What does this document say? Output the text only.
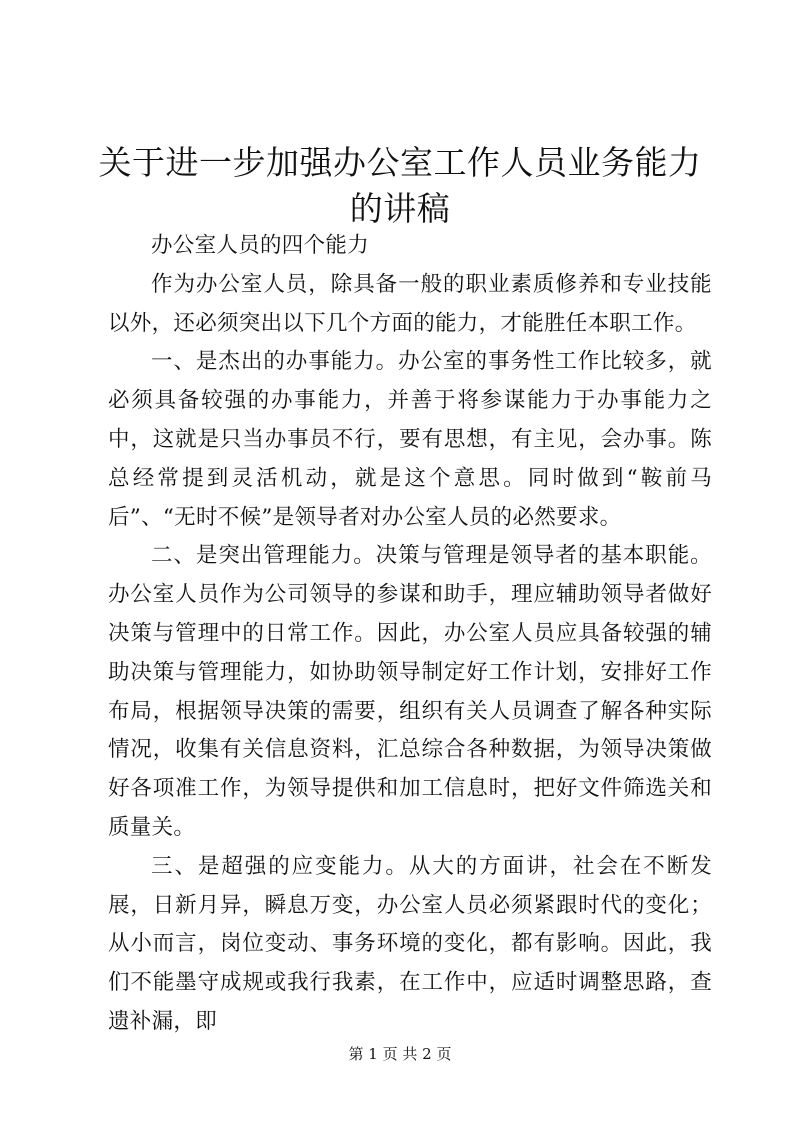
关于进一步加强办公室工作人员业务能力的讲稿

办公室人员的四个能力

作为办公室人员，除具备一般的职业素质修养和专业技能以外，还必须突出以下几个方面的能力，才能胜任本职工作。

一、是杰出的办事能力。办公室的事务性工作比较多，就必须具备较强的办事能力，并善于将参谋能力于办事能力之中，这就是只当办事员不行，要有思想，有主见，会办事。陈总经常提到灵活机动，就是这个意思。同时做到“鞍前马后”、“无时不候”是领导者对办公室人员的必然要求。

二、是突出管理能力。决策与管理是领导者的基本职能。办公室人员作为公司领导的参谋和助手，理应辅助领导者做好决策与管理中的日常工作。因此，办公室人员应具备较强的辅助决策与管理能力，如协助领导制定好工作计划，安排好工作布局，根据领导决策的需要，组织有关人员调查了解各种实际情况，收集有关信息资料，汇总综合各种数据，为领导决策做好各项准工作，为领导提供和加工信息时，把好文件筛选关和质量关。

三、是超强的应变能力。从大的方面讲，社会在不断发展，日新月异，瞬息万变，办公室人员必须紧跟时代的变化；从小而言，岗位变动、事务环境的变化，都有影响。因此，我们不能墨守成规或我行我素，在工作中，应适时调整思路，查遗补漏，即

第 1 页 共 2 页
